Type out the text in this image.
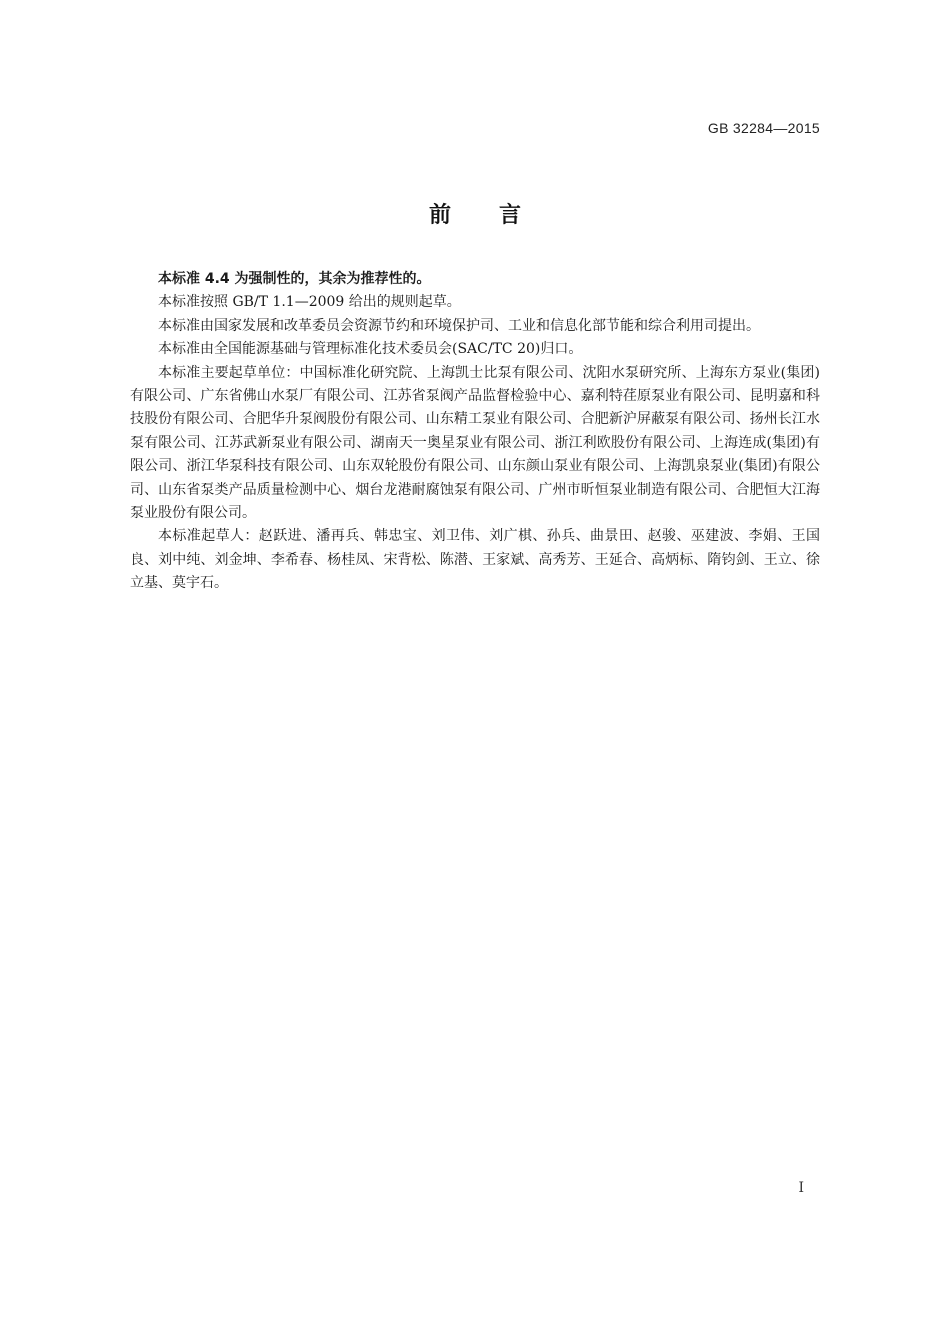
GB 32284—2015
前言

本标准 4.4 为强制性的，其余为推荐性的。

本标准按照 GB/T 1.1—2009 给出的规则起草。

本标准由国家发展和改革委员会资源节约和环境保护司、工业和信息化部节能和综合利用司提出。

本标准由全国能源基础与管理标准化技术委员会(SAC/TC 20)归口。

本标准主要起草单位：中国标准化研究院、上海凯士比泵有限公司、沈阳水泵研究所、上海东方泵业(集团)有限公司、广东省佛山水泵厂有限公司、江苏省泵阀产品监督检验中心、嘉利特荏原泵业有限公司、昆明嘉和科技股份有限公司、合肥华升泵阀股份有限公司、山东精工泵业有限公司、合肥新沪屏蔽泵有限公司、扬州长江水泵有限公司、江苏武新泵业有限公司、湖南天一奥星泵业有限公司、浙江利欧股份有限公司、上海连成(集团)有限公司、浙江华泵科技有限公司、山东双轮股份有限公司、山东颜山泵业有限公司、上海凯泉泵业(集团)有限公司、山东省泵类产品质量检测中心、烟台龙港耐腐蚀泵有限公司、广州市昕恒泵业制造有限公司、合肥恒大江海泵业股份有限公司。

本标准起草人：赵跃进、潘再兵、韩忠宝、刘卫伟、刘广棋、孙兵、曲景田、赵骏、巫建波、李娟、王国良、刘中纯、刘金坤、李希春、杨桂凤、宋背松、陈潜、王家斌、高秀芳、王延合、高炳标、隋钧剑、王立、徐立基、莫宇石。

I
